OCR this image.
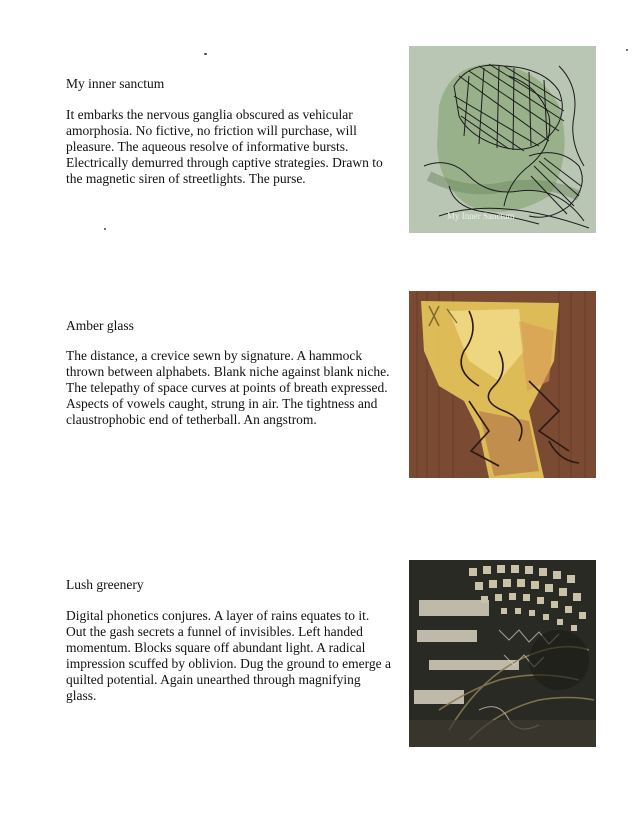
My inner sanctum
It embarks the nervous ganglia obscured as vehicular amorphosia. No fictive, no friction will purchase, will pleasure. The aqueous resolve of informative bursts. Electrically demurred through captive strategies. Drawn to the magnetic siren of streetlights. The purse.
My Inner Sanctum
Amber glass
The distance, a crevice sewn by signature. A hammock thrown between alphabets. Blank niche against blank niche. The telepathy of space curves at points of breath expressed. Aspects of vowels caught, strung in air. The tightness and claustrophobic end of tetherball. An angstrom.
Lush greenery
Digital phonetics conjures. A layer of rains equates to it. Out the gash secrets a funnel of invisibles. Left handed momentum. Blocks square off abundant light. A radical impression scuffed by oblivion. Dug the ground to emerge a quilted potential. Again unearthed through magnifying glass.
